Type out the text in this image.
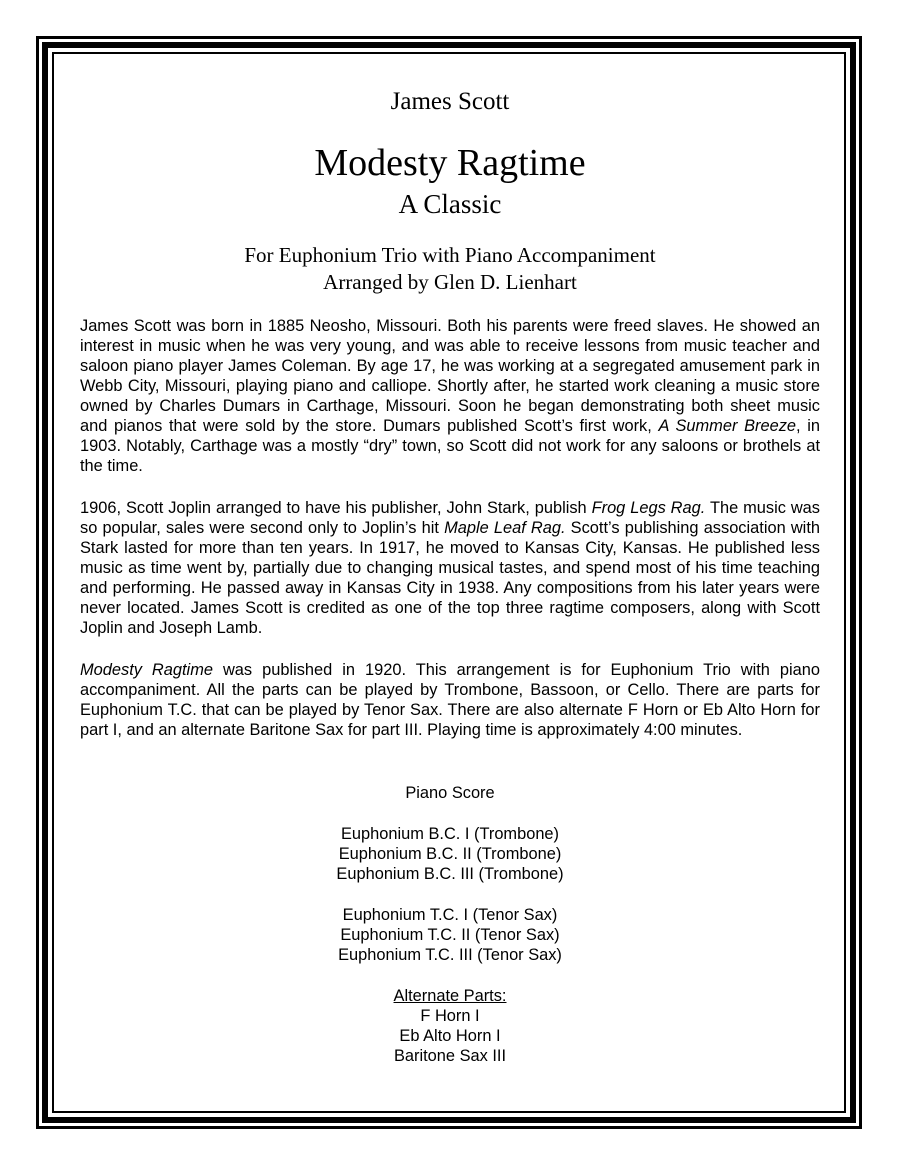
James Scott
Modesty Ragtime
A Classic
For Euphonium Trio with Piano Accompaniment
Arranged by Glen D. Lienhart
James Scott was born in 1885 Neosho, Missouri. Both his parents were freed slaves. He showed an interest in music when he was very young, and was able to receive lessons from music teacher and saloon piano player James Coleman. By age 17, he was working at a segregated amusement park in Webb City, Missouri, playing piano and calliope. Shortly after, he started work cleaning a music store owned by Charles Dumars in Carthage, Missouri. Soon he began demonstrating both sheet music and pianos that were sold by the store. Dumars published Scott’s first work, A Summer Breeze, in 1903. Notably, Carthage was a mostly “dry” town, so Scott did not work for any saloons or brothels at the time.
1906, Scott Joplin arranged to have his publisher, John Stark, publish Frog Legs Rag. The music was so popular, sales were second only to Joplin’s hit Maple Leaf Rag. Scott’s publishing association with Stark lasted for more than ten years. In 1917, he moved to Kansas City, Kansas. He published less music as time went by, partially due to changing musical tastes, and spend most of his time teaching and performing. He passed away in Kansas City in 1938. Any compositions from his later years were never located. James Scott is credited as one of the top three ragtime composers, along with Scott Joplin and Joseph Lamb.
Modesty Ragtime was published in 1920. This arrangement is for Euphonium Trio with piano accompaniment. All the parts can be played by Trombone, Bassoon, or Cello. There are parts for Euphonium T.C. that can be played by Tenor Sax. There are also alternate F Horn or Eb Alto Horn for part I, and an alternate Baritone Sax for part III. Playing time is approximately 4:00 minutes.
Piano Score
Euphonium B.C. I (Trombone)
Euphonium B.C. II (Trombone)
Euphonium B.C. III (Trombone)
Euphonium T.C. I (Tenor Sax)
Euphonium T.C. II (Tenor Sax)
Euphonium T.C. III (Tenor Sax)
Alternate Parts:
F Horn I
Eb Alto Horn I
Baritone Sax III
